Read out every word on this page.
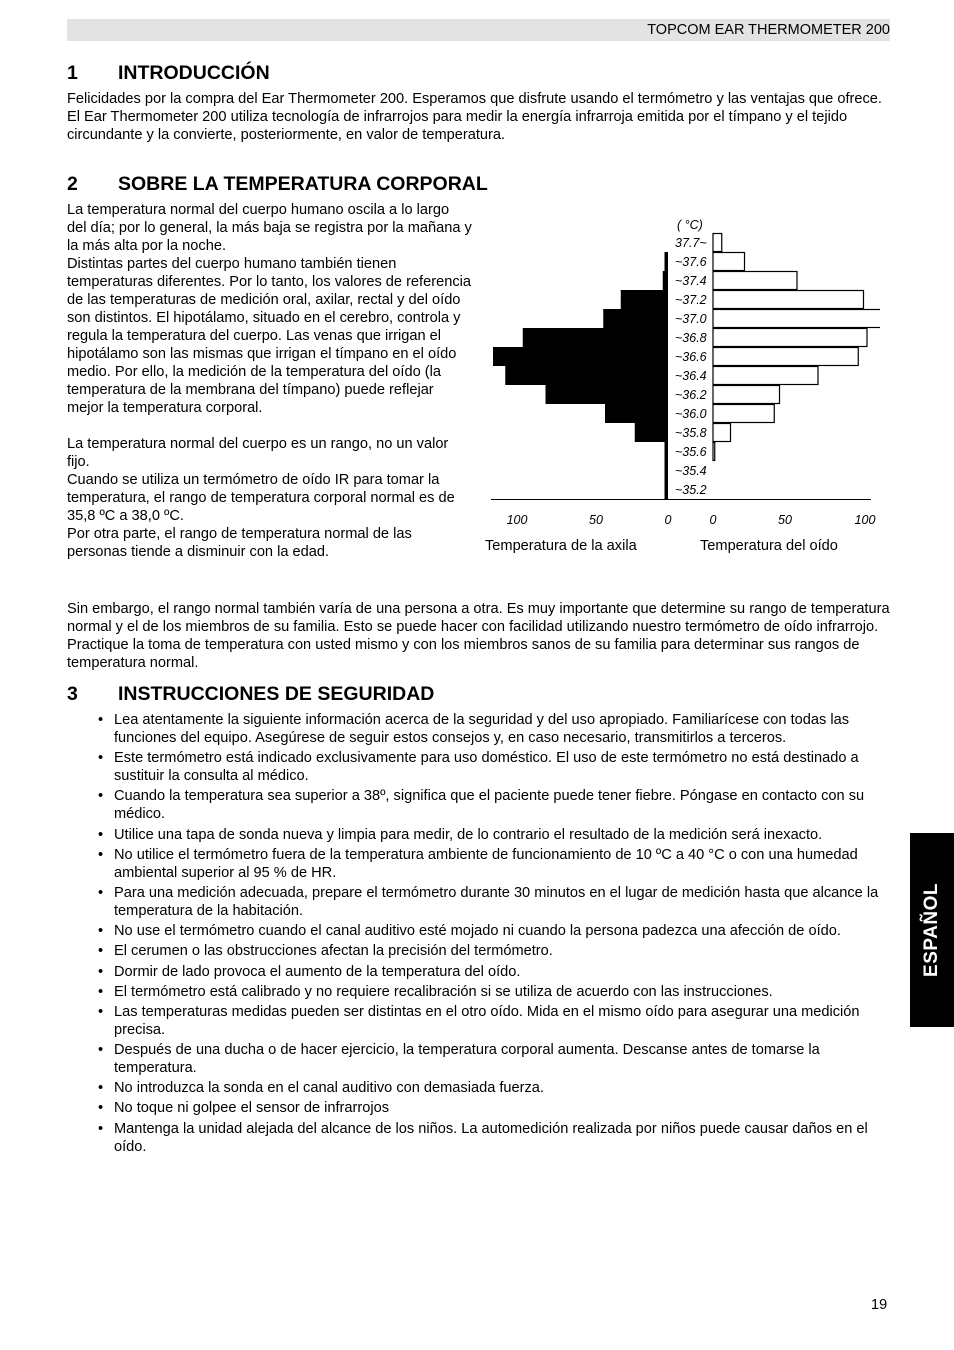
TOPCOM EAR THERMOMETER 200
1 INTRODUCCIÓN
Felicidades por la compra del Ear Thermometer 200. Esperamos que disfrute usando el termómetro y las ventajas que ofrece.
El Ear Thermometer 200 utiliza tecnología de infrarrojos para medir la energía infrarroja emitida por el tímpano y el tejido circundante y la convierte, posteriormente, en valor de temperatura.
2 SOBRE LA TEMPERATURA CORPORAL
La temperatura normal del cuerpo humano oscila a lo largo del día; por lo general, la más baja se registra por la mañana y la más alta por la noche.
Distintas partes del cuerpo humano también tienen temperaturas diferentes. Por lo tanto, los valores de referencia de las temperaturas de medición oral, axilar, rectal y del oído son distintos. El hipotálamo, situado en el cerebro, controla y regula la temperatura del cuerpo. Las venas que irrigan el hipotálamo son las mismas que irrigan el tímpano en el oído medio. Por ello, la medición de la temperatura del oído (la temperatura de la membrana del tímpano) puede reflejar mejor la temperatura corporal.
La temperatura normal del cuerpo es un rango, no un valor fijo.
Cuando se utiliza un termómetro de oído IR para tomar la temperatura, el rango de temperatura corporal normal es de 35,8 ºC a 38,0 ºC.
Por otra parte, el rango de temperatura normal de las personas tiende a disminuir con la edad.
( °C)
37.7~
~37.6
~37.4
~37.2
~37.0
~36.8
~36.6
~36.4
~36.2
~36.0
~35.8
~35.6
~35.4
~35.2
100	50	0	0	50	100
Temperatura de la axila	Temperatura del oído
Sin embargo, el rango normal también varía de una persona a otra. Es muy importante que determine su rango de temperatura normal y el de los miembros de su familia. Esto se puede hacer con facilidad utilizando nuestro termómetro de oído infrarrojo. Practique la toma de temperatura con usted mismo y con los miembros sanos de su familia para determinar sus rangos de temperatura normal.
3 INSTRUCCIONES DE SEGURIDAD
• Lea atentamente la siguiente información acerca de la seguridad y del uso apropiado. Familiarícese con todas las funciones del equipo. Asegúrese de seguir estos consejos y, en caso necesario, transmitirlos a terceros.
• Este termómetro está indicado exclusivamente para uso doméstico. El uso de este termómetro no está destinado a sustituir la consulta al médico.
• Cuando la temperatura sea superior a 38º, significa que el paciente puede tener fiebre. Póngase en contacto con su médico.
• Utilice una tapa de sonda nueva y limpia para medir, de lo contrario el resultado de la medición será inexacto.
• No utilice el termómetro fuera de la temperatura ambiente de funcionamiento de 10 ºC a 40 °C o con una humedad ambiental superior al 95 % de HR.
• Para una medición adecuada, prepare el termómetro durante 30 minutos en el lugar de medición hasta que alcance la temperatura de la habitación.
• No use el termómetro cuando el canal auditivo esté mojado ni cuando la persona padezca una afección de oído.
• El cerumen o las obstrucciones afectan la precisión del termómetro.
• Dormir de lado provoca el aumento de la temperatura del oído.
• El termómetro está calibrado y no requiere recalibración si se utiliza de acuerdo con las instrucciones.
• Las temperaturas medidas pueden ser distintas en el otro oído. Mida en el mismo oído para asegurar una medición precisa.
• Después de una ducha o de hacer ejercicio, la temperatura corporal aumenta. Descanse antes de tomarse la temperatura.
• No introduzca la sonda en el canal auditivo con demasiada fuerza.
• No toque ni golpee el sensor de infrarrojos
• Mantenga la unidad alejada del alcance de los niños. La automedición realizada por niños puede causar daños en el oído.
ESPAÑOL
19
